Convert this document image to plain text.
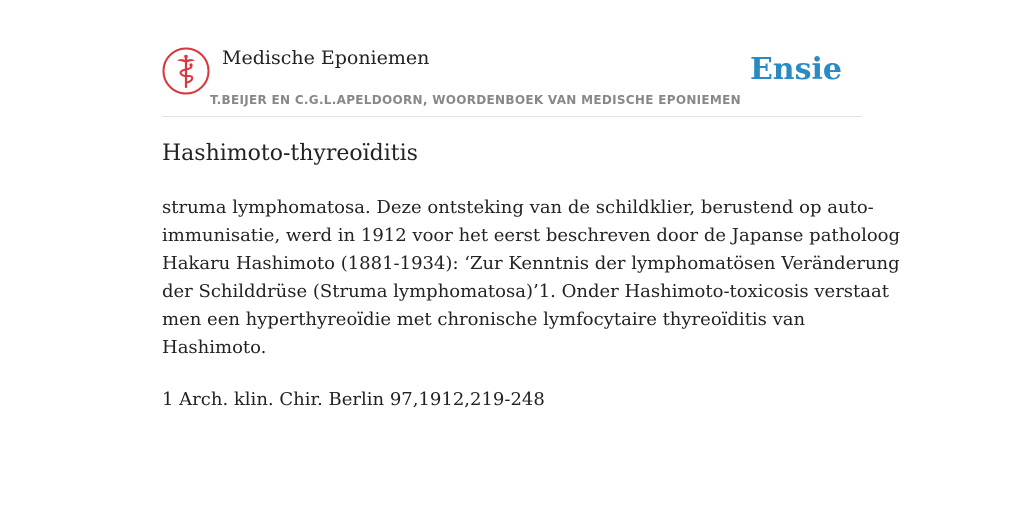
Medische Eponiemen
T.BEIJER EN C.G.L.APELDOORN, WOORDENBOEK VAN MEDISCHE EPONIEMEN
Ensie
Hashimoto-thyreoïditis
struma lymphomatosa. Deze ontsteking van de schildklier, berustend op auto-
immunisatie, werd in 1912 voor het eerst beschreven door de Japanse patholoog
Hakaru Hashimoto (1881-1934): ‘Zur Kenntnis der lymphomatösen Veränderung
der Schilddrüse (Struma lymphomatosa)’1. Onder Hashimoto-toxicosis verstaat
men een hyperthyreoïdie met chronische lymfocytaire thyreoïditis van
Hashimoto.
1 Arch. klin. Chir. Berlin 97,1912,219-248
